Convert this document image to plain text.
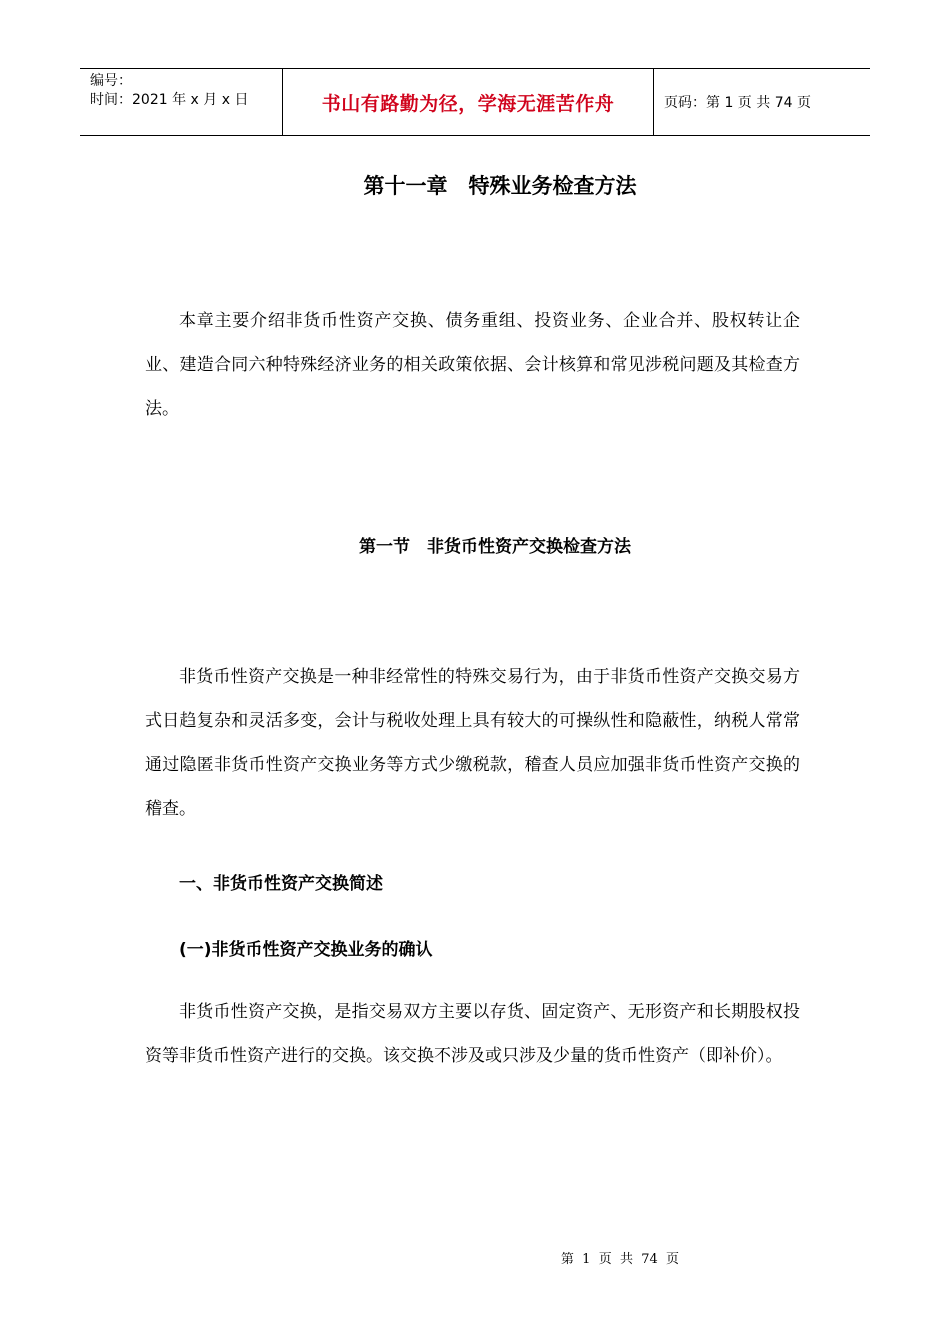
编号：
时间：2021 年 x 月 x 日	书山有路勤为径，学海无涯苦作舟	页码：第 1 页 共 74 页
第十一章　特殊业务检查方法

本章主要介绍非货币性资产交换、债务重组、投资业务、企业合并、股权转让企业、建造合同六种特殊经济业务的相关政策依据、会计核算和常见涉税问题及其检查方法。

第一节　非货币性资产交换检查方法

非货币性资产交换是一种非经常性的特殊交易行为，由于非货币性资产交换交易方式日趋复杂和灵活多变，会计与税收处理上具有较大的可操纵性和隐蔽性，纳税人常常通过隐匿非货币性资产交换业务等方式少缴税款，稽查人员应加强非货币性资产交换的稽查。

一、非货币性资产交换简述

(一)非货币性资产交换业务的确认

非货币性资产交换，是指交易双方主要以存货、固定资产、无形资产和长期股权投资等非货币性资产进行的交换。该交换不涉及或只涉及少量的货币性资产（即补价）。

第  1  页  共  74  页
